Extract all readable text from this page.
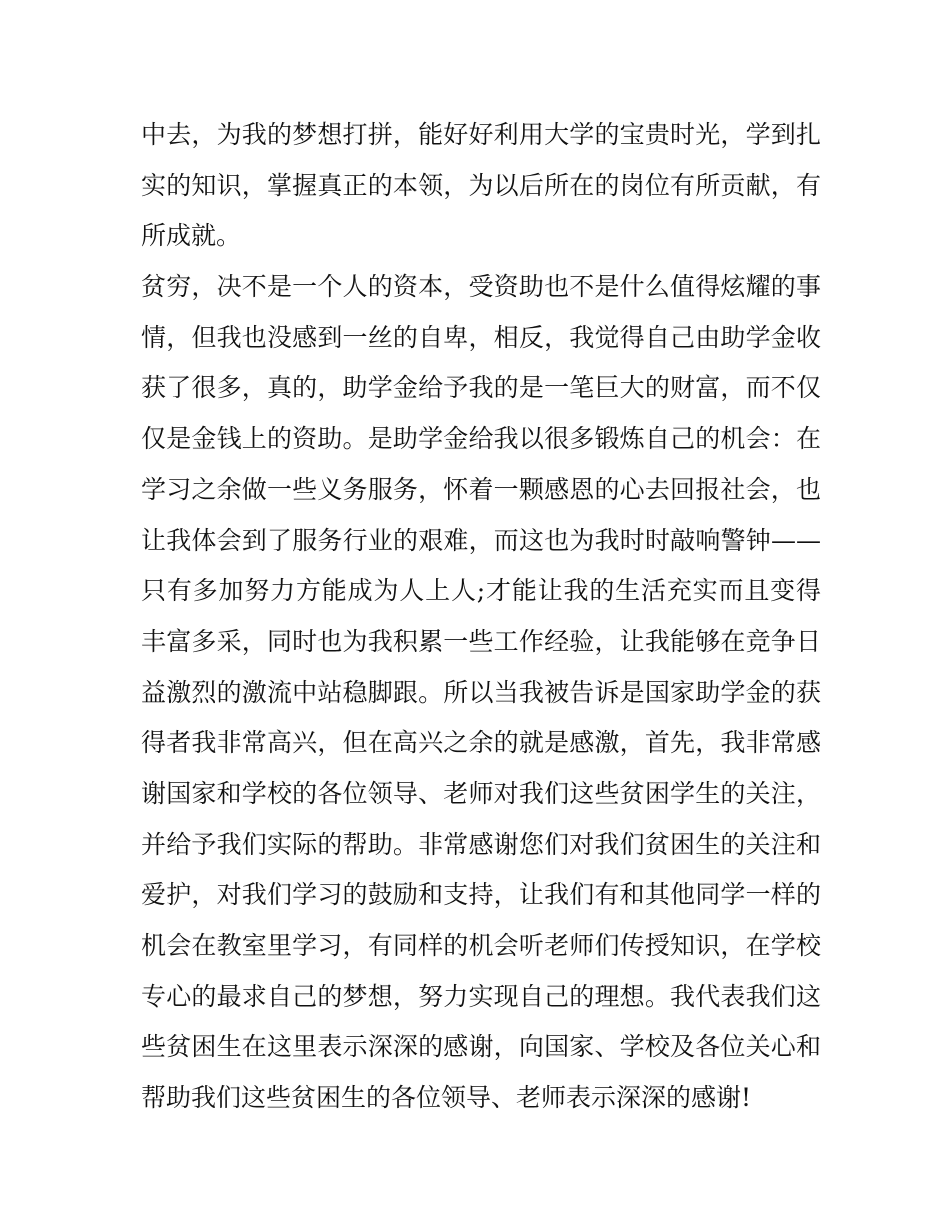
中去，为我的梦想打拼，能好好利用大学的宝贵时光，学到扎
实的知识，掌握真正的本领，为以后所在的岗位有所贡献，有
所成就。
贫穷，决不是一个人的资本，受资助也不是什么值得炫耀的事
情，但我也没感到一丝的自卑，相反，我觉得自己由助学金收
获了很多，真的，助学金给予我的是一笔巨大的财富，而不仅
仅是金钱上的资助。是助学金给我以很多锻炼自己的机会：在
学习之余做一些义务服务，怀着一颗感恩的心去回报社会，也
让我体会到了服务行业的艰难，而这也为我时时敲响警钟——
只有多加努力方能成为人上人;才能让我的生活充实而且变得
丰富多采，同时也为我积累一些工作经验，让我能够在竞争日
益激烈的激流中站稳脚跟。所以当我被告诉是国家助学金的获
得者我非常高兴，但在高兴之余的就是感激，首先，我非常感
谢国家和学校的各位领导、老师对我们这些贫困学生的关注，
并给予我们实际的帮助。非常感谢您们对我们贫困生的关注和
爱护，对我们学习的鼓励和支持，让我们有和其他同学一样的
机会在教室里学习，有同样的机会听老师们传授知识，在学校
专心的最求自己的梦想，努力实现自己的理想。我代表我们这
些贫困生在这里表示深深的感谢，向国家、学校及各位关心和
帮助我们这些贫困生的各位领导、老师表示深深的感谢!
